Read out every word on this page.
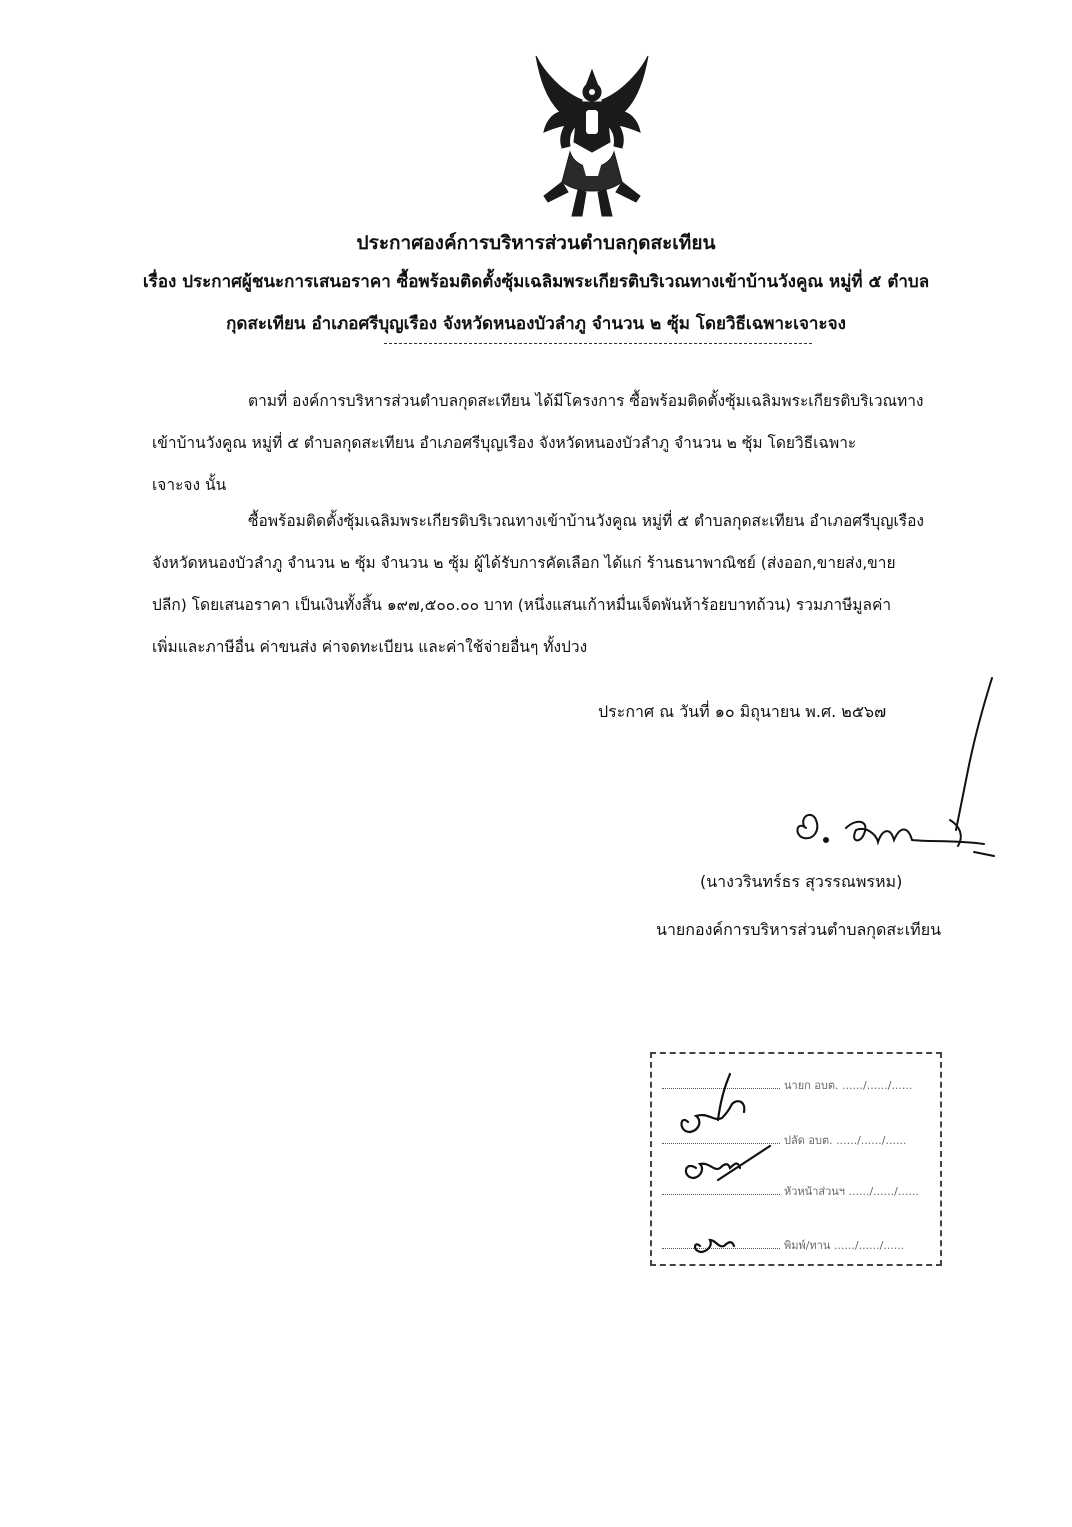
ประกาศองค์การบริหารส่วนตำบลกุดสะเทียน
เรื่อง ประกาศผู้ชนะการเสนอราคา ซื้อพร้อมติดตั้งซุ้มเฉลิมพระเกียรติบริเวณทางเข้าบ้านวังคูณ หมู่ที่ ๕ ตำบล
กุดสะเทียน อำเภอศรีบุญเรือง จังหวัดหนองบัวลำภู จำนวน ๒ ซุ้ม โดยวิธีเฉพาะเจาะจง
ตามที่ องค์การบริหารส่วนตำบลกุดสะเทียน ได้มีโครงการ ซื้อพร้อมติดตั้งซุ้มเฉลิมพระเกียรติบริเวณทาง
เข้าบ้านวังคูณ หมู่ที่ ๕ ตำบลกุดสะเทียน อำเภอศรีบุญเรือง จังหวัดหนองบัวลำภู จำนวน ๒ ซุ้ม โดยวิธีเฉพาะ
เจาะจง นั้น
ซื้อพร้อมติดตั้งซุ้มเฉลิมพระเกียรติบริเวณทางเข้าบ้านวังคูณ หมู่ที่ ๕ ตำบลกุดสะเทียน อำเภอศรีบุญเรือง
จังหวัดหนองบัวลำภู จำนวน ๒ ซุ้ม จำนวน ๒ ซุ้ม ผู้ได้รับการคัดเลือก ได้แก่ ร้านธนาพาณิชย์ (ส่งออก,ขายส่ง,ขาย
ปลีก) โดยเสนอราคา เป็นเงินทั้งสิ้น ๑๙๗,๕๐๐.๐๐ บาท (หนึ่งแสนเก้าหมื่นเจ็ดพันห้าร้อยบาทถ้วน) รวมภาษีมูลค่า
เพิ่มและภาษีอื่น ค่าขนส่ง ค่าจดทะเบียน และค่าใช้จ่ายอื่นๆ ทั้งปวง
ประกาศ ณ วันที่ ๑๐ มิถุนายน พ.ศ. ๒๕๖๗
(นางวรินทร์ธร สุวรรณพรหม)
นายกองค์การบริหารส่วนตำบลกุดสะเทียน
นายก อบต. ....../....../......
ปลัด อบต. ....../....../......
หัวหน้าส่วนฯ ....../....../......
พิมพ์/ทาน ....../....../......
